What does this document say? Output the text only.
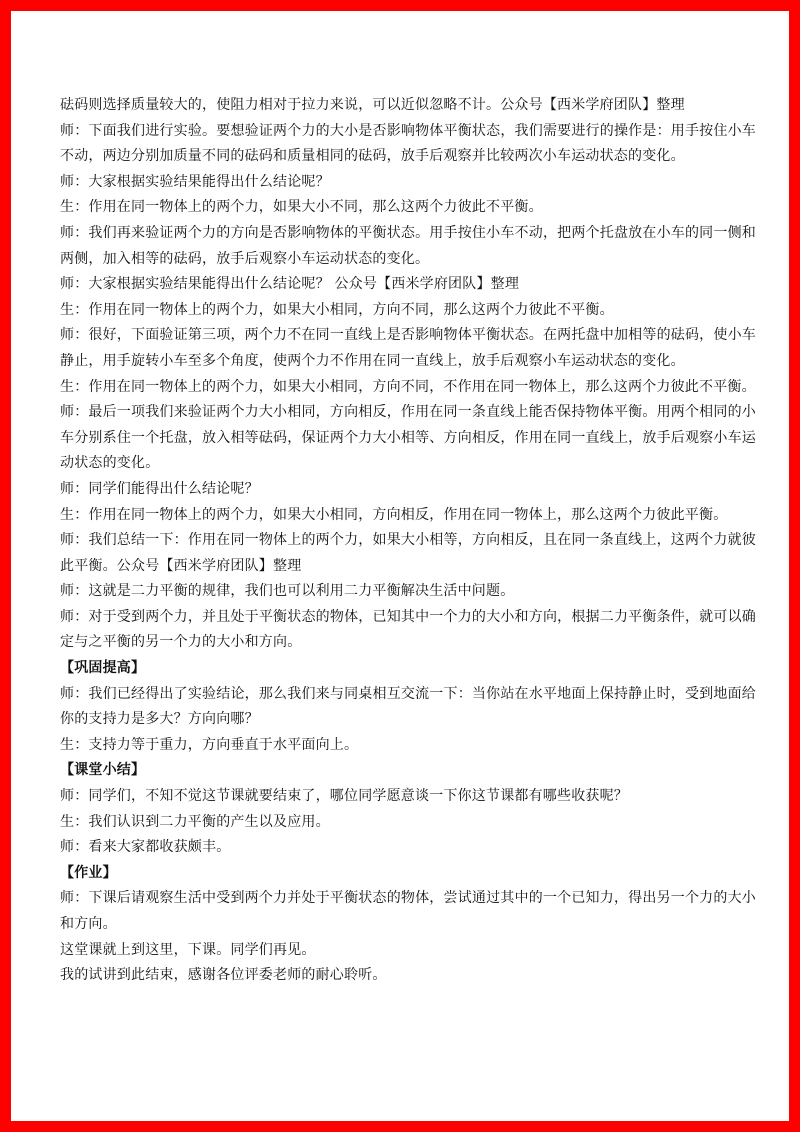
砝码则选择质量较大的，使阻力相对于拉力来说，可以近似忽略不计。公众号【西米学府团队】整理

师：下面我们进行实验。要想验证两个力的大小是否影响物体平衡状态，我们需要进行的操作是：用手按住小车不动，两边分别加质量不同的砝码和质量相同的砝码，放手后观察并比较两次小车运动状态的变化。

师：大家根据实验结果能得出什么结论呢？

生：作用在同一物体上的两个力，如果大小不同，那么这两个力彼此不平衡。

师：我们再来验证两个力的方向是否影响物体的平衡状态。用手按住小车不动，把两个托盘放在小车的同一侧和两侧，加入相等的砝码，放手后观察小车运动状态的变化。

师：大家根据实验结果能得出什么结论呢？ 公众号【西米学府团队】整理

生：作用在同一物体上的两个力，如果大小相同，方向不同，那么这两个力彼此不平衡。

师：很好，下面验证第三项，两个力不在同一直线上是否影响物体平衡状态。在两托盘中加相等的砝码，使小车静止，用手旋转小车至多个角度，使两个力不作用在同一直线上，放手后观察小车运动状态的变化。

生：作用在同一物体上的两个力，如果大小相同，方向不同，不作用在同一物体上，那么这两个力彼此不平衡。

师：最后一项我们来验证两个力大小相同，方向相反，作用在同一条直线上能否保持物体平衡。用两个相同的小车分别系住一个托盘，放入相等砝码，保证两个力大小相等、方向相反，作用在同一直线上，放手后观察小车运动状态的变化。

师：同学们能得出什么结论呢？

生：作用在同一物体上的两个力，如果大小相同，方向相反，作用在同一物体上，那么这两个力彼此平衡。

师：我们总结一下：作用在同一物体上的两个力，如果大小相等，方向相反，且在同一条直线上，这两个力就彼此平衡。公众号【西米学府团队】整理

师：这就是二力平衡的规律，我们也可以利用二力平衡解决生活中问题。

师：对于受到两个力，并且处于平衡状态的物体，已知其中一个力的大小和方向，根据二力平衡条件，就可以确定与之平衡的另一个力的大小和方向。

【巩固提高】

师：我们已经得出了实验结论，那么我们来与同桌相互交流一下：当你站在水平地面上保持静止时，受到地面给你的支持力是多大？方向向哪？

生：支持力等于重力，方向垂直于水平面向上。

【课堂小结】

师：同学们，不知不觉这节课就要结束了，哪位同学愿意谈一下你这节课都有哪些收获呢？

生：我们认识到二力平衡的产生以及应用。

师：看来大家都收获颇丰。

【作业】

师：下课后请观察生活中受到两个力并处于平衡状态的物体，尝试通过其中的一个已知力，得出另一个力的大小和方向。

这堂课就上到这里，下课。同学们再见。

我的试讲到此结束，感谢各位评委老师的耐心聆听。
